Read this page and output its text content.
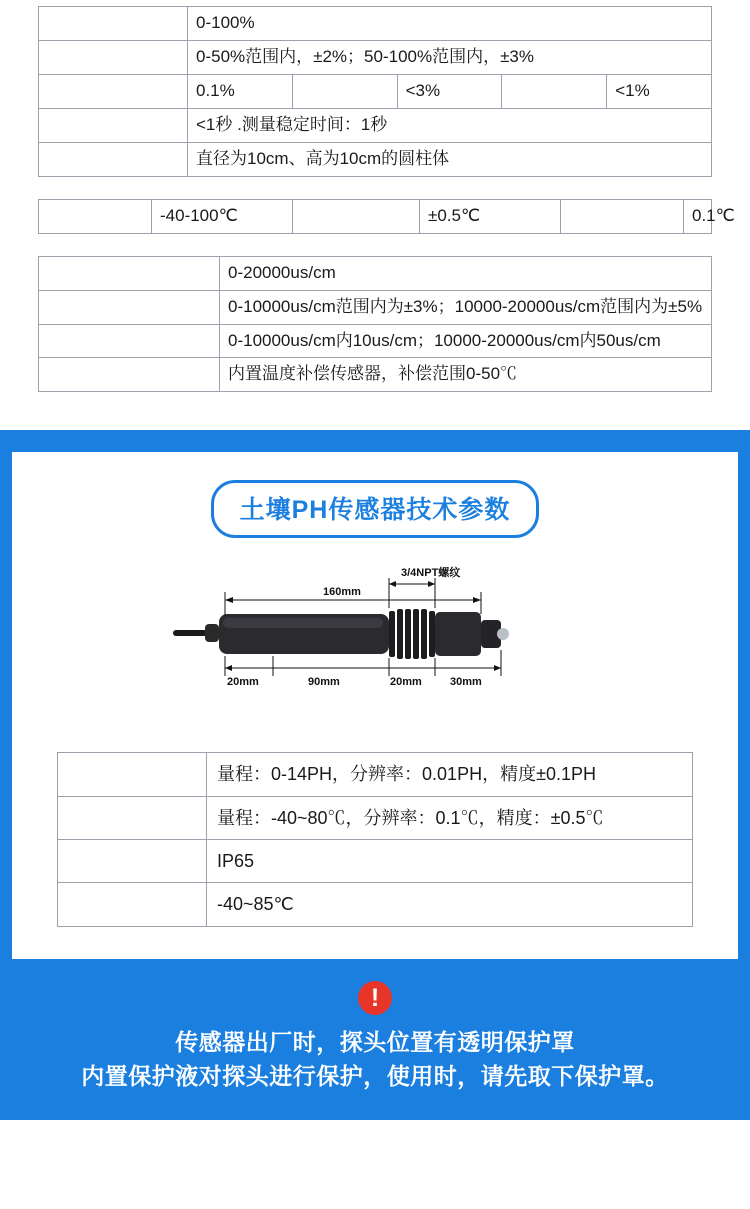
量　　程：	0-100%				
测量精度：	0-50%范围内，±2%；50-100%范围内，±3%				
分辨率：	0.1%	互换精度：	<3%	复测误差：	<1%
响应时间：	<1秒 .测量稳定时间：1秒				
测量区域：	直径为10cm、高为10cm的圆柱体				
范　围：	-40-100℃	测量精度：	±0.5℃	分辨率：	0.1℃
范　　围：	0-20000us/cm
测量精度：	0-10000us/cm范围内为±3%；10000-20000us/cm范围内为±5%
分辨率：	0-10000us/cm内10us/cm；10000-20000us/cm内50us/cm
盐分温度补偿：	内置温度补偿传感器，补偿范围0-50℃
土壤PH传感器技术参数
3/4NPT螺纹
160mm
20mm	90mm	20mm	30mm
PH值量程	量程：0-14PH，分辨率：0.01PH，精度±0.1PH
温度量程	量程：-40~80℃，分辨率：0.1℃，精度：±0.5℃
防护等级	IP65
运行环境	-40~85℃
!
传感器出厂时，探头位置有透明保护罩
内置保护液对探头进行保护，使用时，请先取下保护罩。
